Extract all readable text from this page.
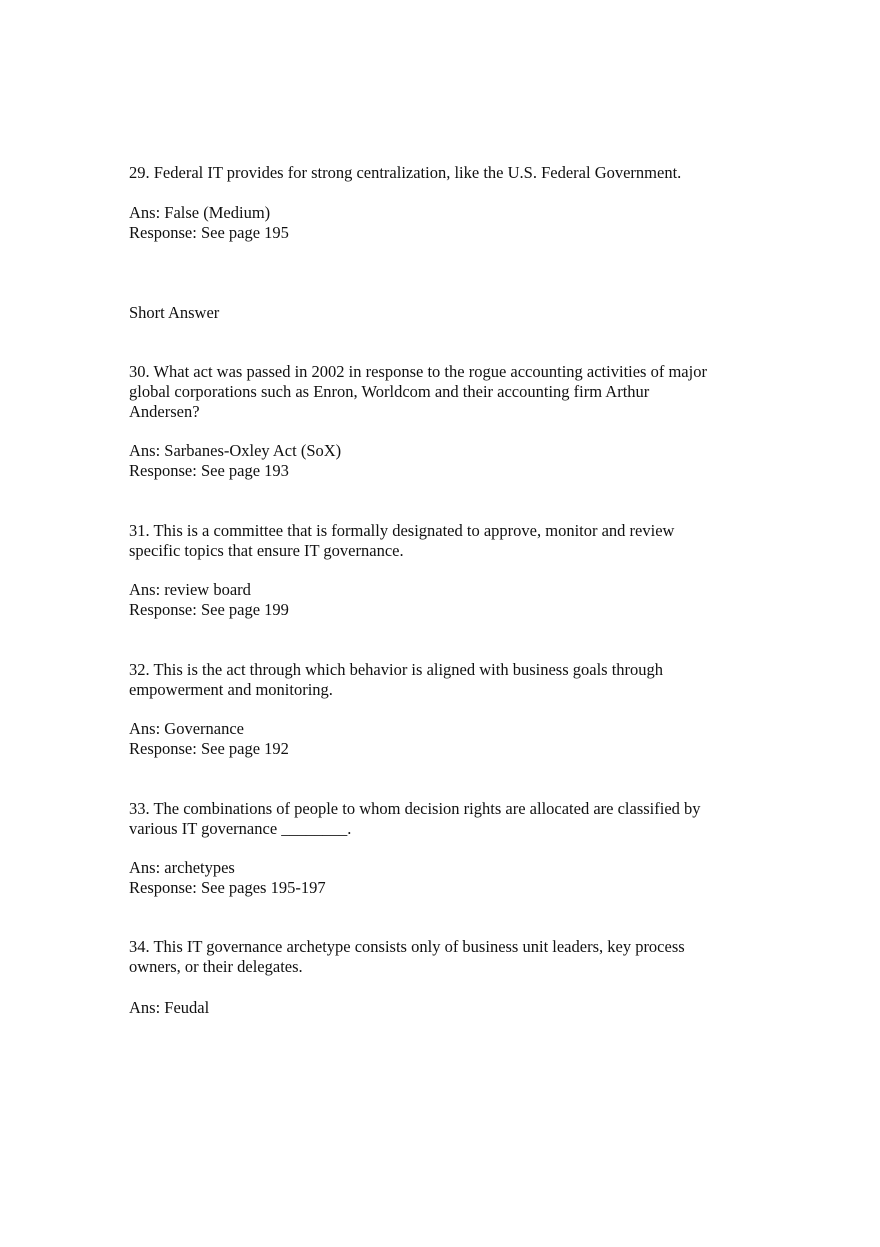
29. Federal IT provides for strong centralization, like the U.S. Federal Government.
Ans: False (Medium)
Response: See page 195
Short Answer
30. What act was passed in 2002 in response to the rogue accounting activities of major
global corporations such as Enron, Worldcom and their accounting firm Arthur
Andersen?
Ans: Sarbanes-Oxley Act (SoX)
Response: See page 193
31. This is a committee that is formally designated to approve, monitor and review
specific topics that ensure IT governance.
Ans: review board
Response: See page 199
32. This is the act through which behavior is aligned with business goals through
empowerment and monitoring.
Ans: Governance
Response: See page 192
33. The combinations of people to whom decision rights are allocated are classified by
various IT governance ________.
Ans: archetypes
Response: See pages 195-197
34. This IT governance archetype consists only of business unit leaders, key process
owners, or their delegates.
Ans: Feudal
